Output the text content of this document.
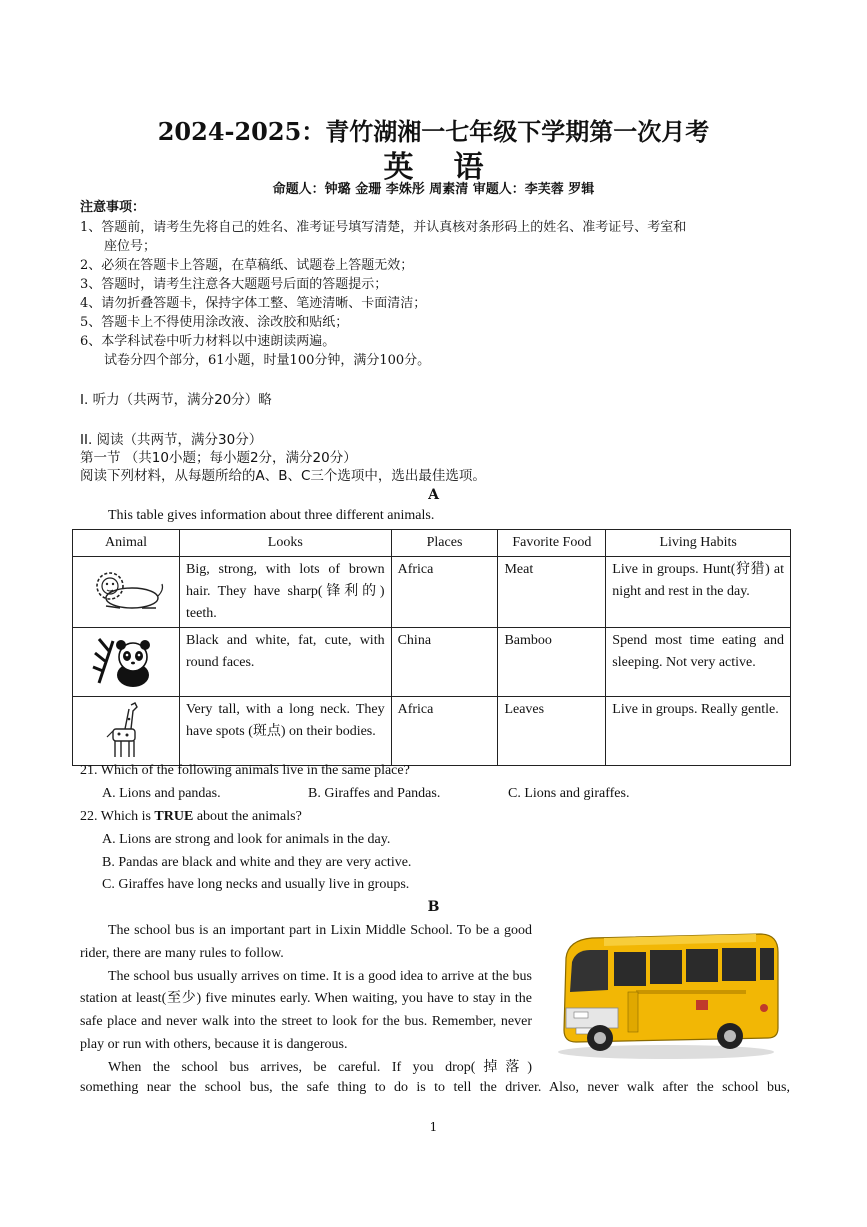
2024-2025：青竹湖湘一七年级下学期第一次月考
英语
命题人：钟璐 金珊 李姝彤 周素清 审题人：李芙蓉 罗辑
注意事项：
1、答题前，请考生先将自己的姓名、准考证号填写清楚，并认真核对条形码上的姓名、准考证号、考室和
座位号；
2、必须在答题卡上答题，在草稿纸、试题卷上答题无效；
3、答题时，请考生注意各大题题号后面的答题提示；
4、请勿折叠答题卡，保持字体工整、笔迹清晰、卡面清洁；
5、答题卡上不得使用涂改液、涂改胶和贴纸；
6、本学科试卷中听力材料以中速朗读两遍。
试卷分四个部分，61小题，时量100分钟，满分100分。
I. 听力（共两节，满分20分）略
II. 阅读（共两节，满分30分）
第一节 （共10小题；每小题2分，满分20分）
阅读下列材料，从每题所给的A、B、C三个选项中，选出最佳选项。
A
This table gives information about three different animals.
Animal	Looks	Places	Favorite Food	Living Habits

	Big, strong, with lots of brown hair. They have sharp(锋利的) teeth.	Africa	Meat	Live in groups. Hunt(狩猎) at night and rest in the day.

	Black and white, fat, cute, with round faces.	China	Bamboo	Spend most time eating and sleeping. Not very active.

	Very tall, with a long neck. They have spots (斑点) on their bodies.	Africa	Leaves	Live in groups. Really gentle.
21. Which of the following animals live in the same place?
A. Lions and pandas.	B. Giraffes and Pandas.	C. Lions and giraffes.
22. Which is TRUE about the animals?
A. Lions are strong and look for animals in the day.
B. Pandas are black and white and they are very active.
C. Giraffes have long necks and usually live in groups.
B

The school bus is an important part in Lixin Middle School. To be a good rider, there are many rules to follow.

The school bus usually arrives on time. It is a good idea to arrive at the bus station at least(至少) five minutes early. When waiting, you have to stay in the safe place and never walk into the street to look for the bus. Remember, never play or run with others, because it is dangerous.

When the school bus arrives, be careful. If you drop(掉落)

something near the school bus, the safe thing to do is to tell the driver. Also, never walk after the school bus,
1
